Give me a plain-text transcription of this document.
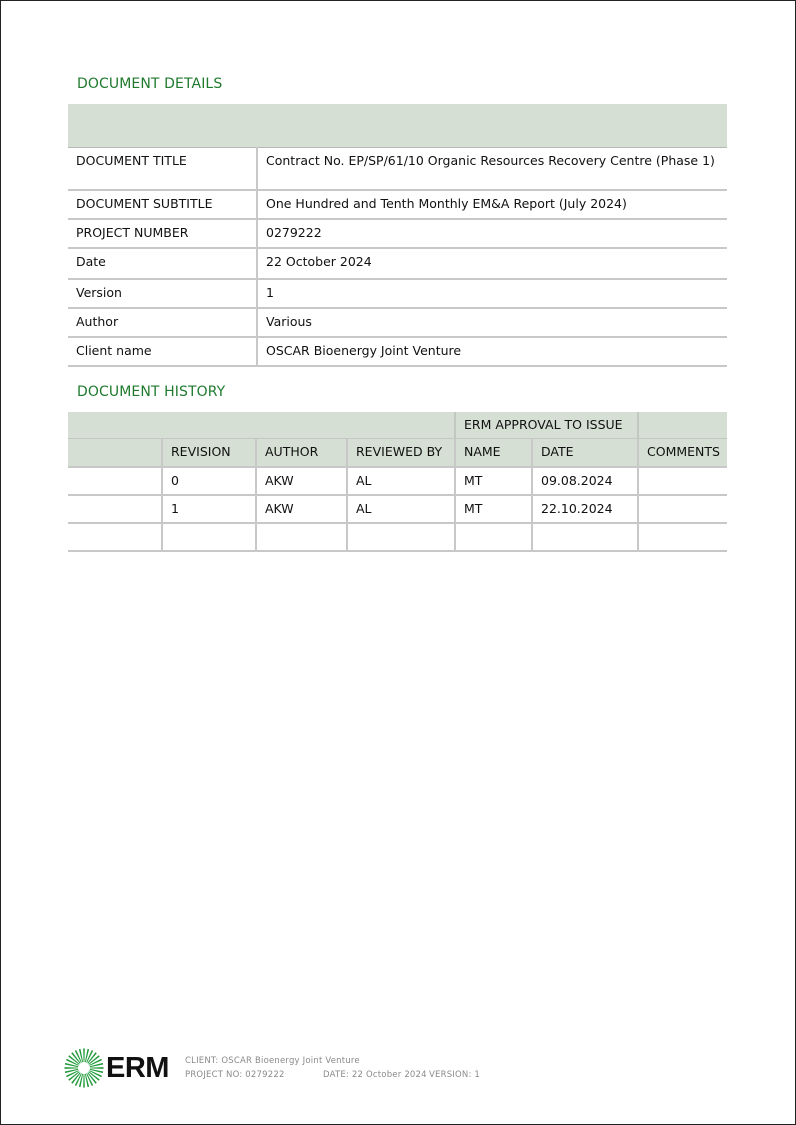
DOCUMENT DETAILS

DOCUMENT TITLE	Contract No. EP/SP/61/10 Organic Resources Recovery Centre (Phase 1)
DOCUMENT SUBTITLE	One Hundred and Tenth Monthly EM&A Report (July 2024)
PROJECT NUMBER	0279222
Date	22 October 2024
Version	1
Author	Various
Client name	OSCAR Bioenergy Joint Venture
DOCUMENT HISTORY
				ERM APPROVAL TO ISSUE		
	REVISION	AUTHOR	REVIEWED BY	NAME	DATE	COMMENTS
	0	AKW	AL	MT	09.08.2024	
	1	AKW	AL	MT	22.10.2024	

ERM CLIENT: OSCAR Bioenergy Joint Venture
PROJECT NO: 0279222	DATE: 22 October 2024 VERSION: 1
